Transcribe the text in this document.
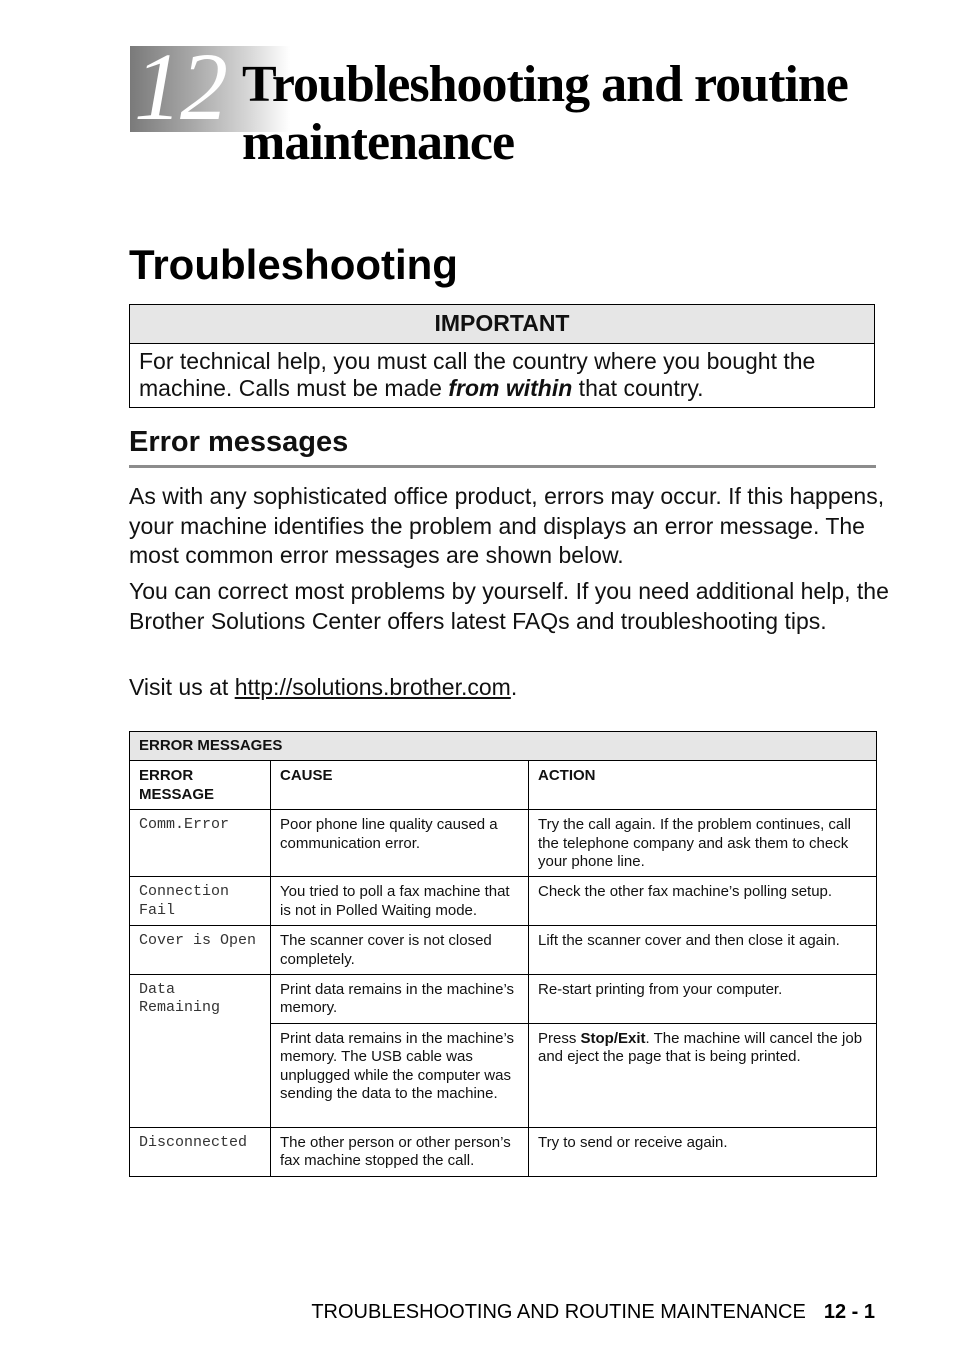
12 Troubleshooting and routine maintenance
Troubleshooting
IMPORTANT
For technical help, you must call the country where you bought the machine. Calls must be made from within that country.
Error messages

As with any sophisticated office product, errors may occur. If this happens, your machine identifies the problem and displays an error message. The most common error messages are shown below.

You can correct most problems by yourself. If you need additional help, the Brother Solutions Center offers latest FAQs and troubleshooting tips.

Visit us at http://solutions.brother.com.

ERROR MESSAGES		
ERROR MESSAGE	CAUSE	ACTION
Comm.Error	Poor phone line quality caused a communication error.	Try the call again. If the problem continues, call the telephone company and ask them to check your phone line.
Connection Fail	You tried to poll a fax machine that is not in Polled Waiting mode.	Check the other fax machine’s polling setup.
Cover is Open	The scanner cover is not closed completely.	Lift the scanner cover and then close it again.
Data Remaining	Print data remains in the machine’s memory.	Re-start printing from your computer.
	Print data remains in the machine’s memory. The USB cable was unplugged while the computer was sending the data to the machine.	Press Stop/Exit. The machine will cancel the job and eject the page that is being printed.
Disconnected	The other person or other person’s fax machine stopped the call.	Try to send or receive again.
TROUBLESHOOTING AND ROUTINE MAINTENANCE 12 - 1
